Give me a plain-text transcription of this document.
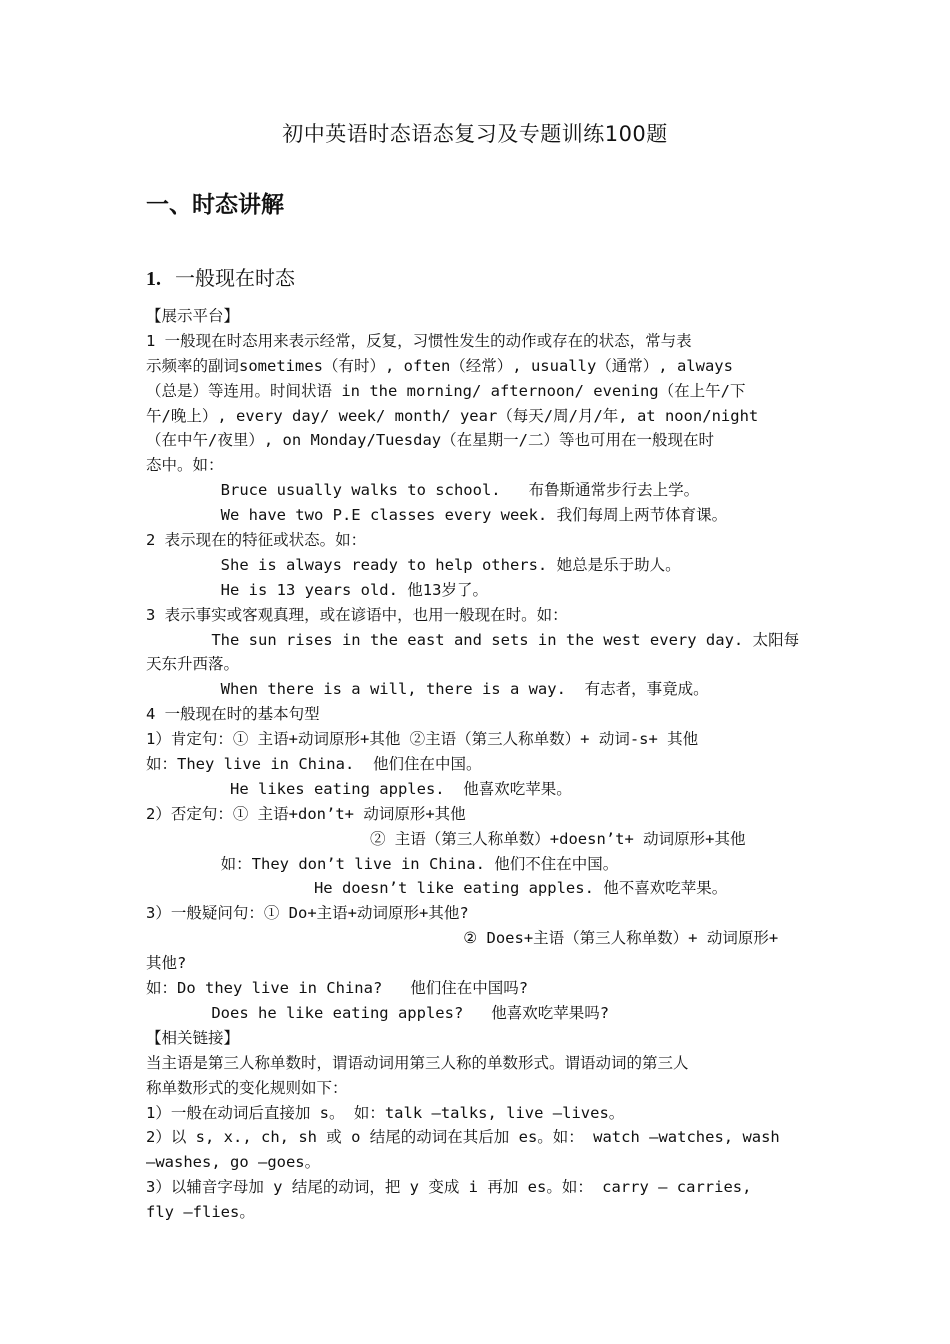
初中英语时态语态复习及专题训练100题
一、时态讲解
1. 一般现在时态
【展示平台】
1 一般现在时态用来表示经常，反复，习惯性发生的动作或存在的状态，常与表
示频率的副词sometimes（有时）, often（经常）, usually（通常）, always
（总是）等连用。时间状语 in the morning/ afternoon/ evening（在上午/下
午/晚上）, every day/ week/ month/ year（每天/周/月/年, at noon/night
（在中午/夜里）, on Monday/Tuesday（在星期一/二）等也可用在一般现在时
态中。如：
Bruce usually walks to school.   布鲁斯通常步行去上学。
We have two P.E classes every week. 我们每周上两节体育课。
2 表示现在的特征或状态。如：
She is always ready to help others. 她总是乐于助人。
He is 13 years old. 他13岁了。
3 表示事实或客观真理，或在谚语中，也用一般现在时。如：
The sun rises in the east and sets in the west every day. 太阳每
天东升西落。
When there is a will, there is a way.  有志者，事竟成。
4 一般现在时的基本句型
1）肯定句：① 主语+动词原形+其他 ②主语（第三人称单数）+ 动词-s+ 其他
如：They live in China.  他们住在中国。
He likes eating apples.  他喜欢吃苹果。
2）否定句：① 主语+don’t+ 动词原形+其他
② 主语（第三人称单数）+doesn’t+ 动词原形+其他
如：They don’t live in China. 他们不住在中国。
He doesn’t like eating apples. 他不喜欢吃苹果。
3）一般疑问句：① Do+主语+动词原形+其他?
② Does+主语（第三人称单数）+ 动词原形+
其他?
如：Do they live in China?   他们住在中国吗?
Does he like eating apples?   他喜欢吃苹果吗?
【相关链接】
当主语是第三人称单数时，谓语动词用第三人称的单数形式。谓语动词的第三人
称单数形式的变化规则如下：
1）一般在动词后直接加 s。 如：talk –talks, live –lives。
2）以 s, x., ch, sh 或 o 结尾的动词在其后加 es。如： watch –watches, wash
–washes, go –goes。
3）以辅音字母加 y 结尾的动词，把 y 变成 i 再加 es。如： carry – carries,
fly –flies。
